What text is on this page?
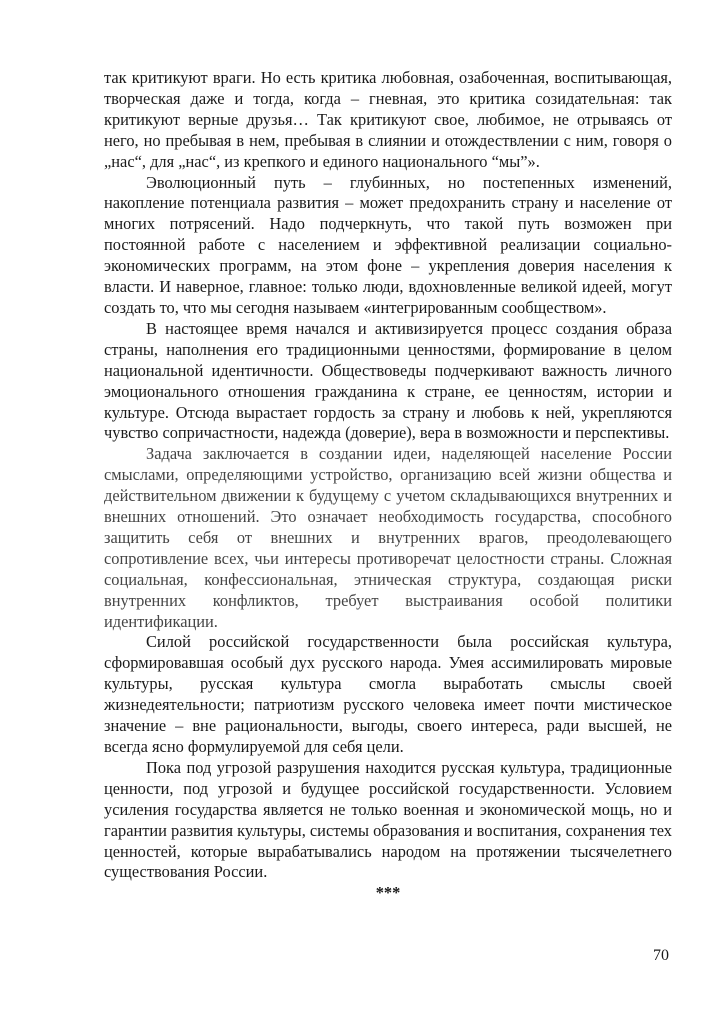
так критикуют враги. Но есть критика любовная, озабоченная, воспитывающая, творческая даже и тогда, когда – гневная, это критика созидательная: так критикуют верные друзья… Так критикуют свое, любимое, не отрываясь от него, но пребывая в нем, пребывая в слиянии и отождествлении с ним, говоря о „нас“, для „нас“, из крепкого и единого национального “мы”».

Эволюционный путь – глубинных, но постепенных изменений, накопление потенциала развития – может предохранить страну и население от многих потрясений. Надо подчеркнуть, что такой путь возможен при постоянной работе с населением и эффективной реализации социально-экономических программ, на этом фоне – укрепления доверия населения к власти. И наверное, главное: только люди, вдохновленные великой идеей, могут создать то, что мы сегодня называем «интегрированным сообществом».

В настоящее время начался и активизируется процесс создания образа страны, наполнения его традиционными ценностями, формирование в целом национальной идентичности. Обществоведы подчеркивают важность личного эмоционального отношения гражданина к стране, ее ценностям, истории и культуре. Отсюда вырастает гордость за страну и любовь к ней, укрепляются чувство сопричастности, надежда (доверие), вера в возможности и перспективы.

Задача заключается в создании идеи, наделяющей население России смыслами, определяющими устройство, организацию всей жизни общества и действительном движении к будущему с учетом складывающихся внутренних и внешних отношений. Это означает необходимость государства, способного защитить себя от внешних и внутренних врагов, преодолевающего сопротивление всех, чьи интересы противоречат целостности страны. Сложная социальная, конфессиональная, этническая структура, создающая риски внутренних конфликтов, требует выстраивания особой политики идентификации.

Силой российской государственности была российская культура, сформировавшая особый дух русского народа. Умея ассимилировать мировые культуры, русская культура смогла выработать смыслы своей жизнедеятельности; патриотизм русского человека имеет почти мистическое значение – вне рациональности, выгоды, своего интереса, ради высшей, не всегда ясно формулируемой для себя цели.

Пока под угрозой разрушения находится русская культура, традиционные ценности, под угрозой и будущее российской государственности. Условием усиления государства является не только военная и экономической мощь, но и гарантии развития культуры, системы образования и воспитания, сохранения тех ценностей, которые вырабатывались народом на протяжении тысячелетнего существования России.

***
70
